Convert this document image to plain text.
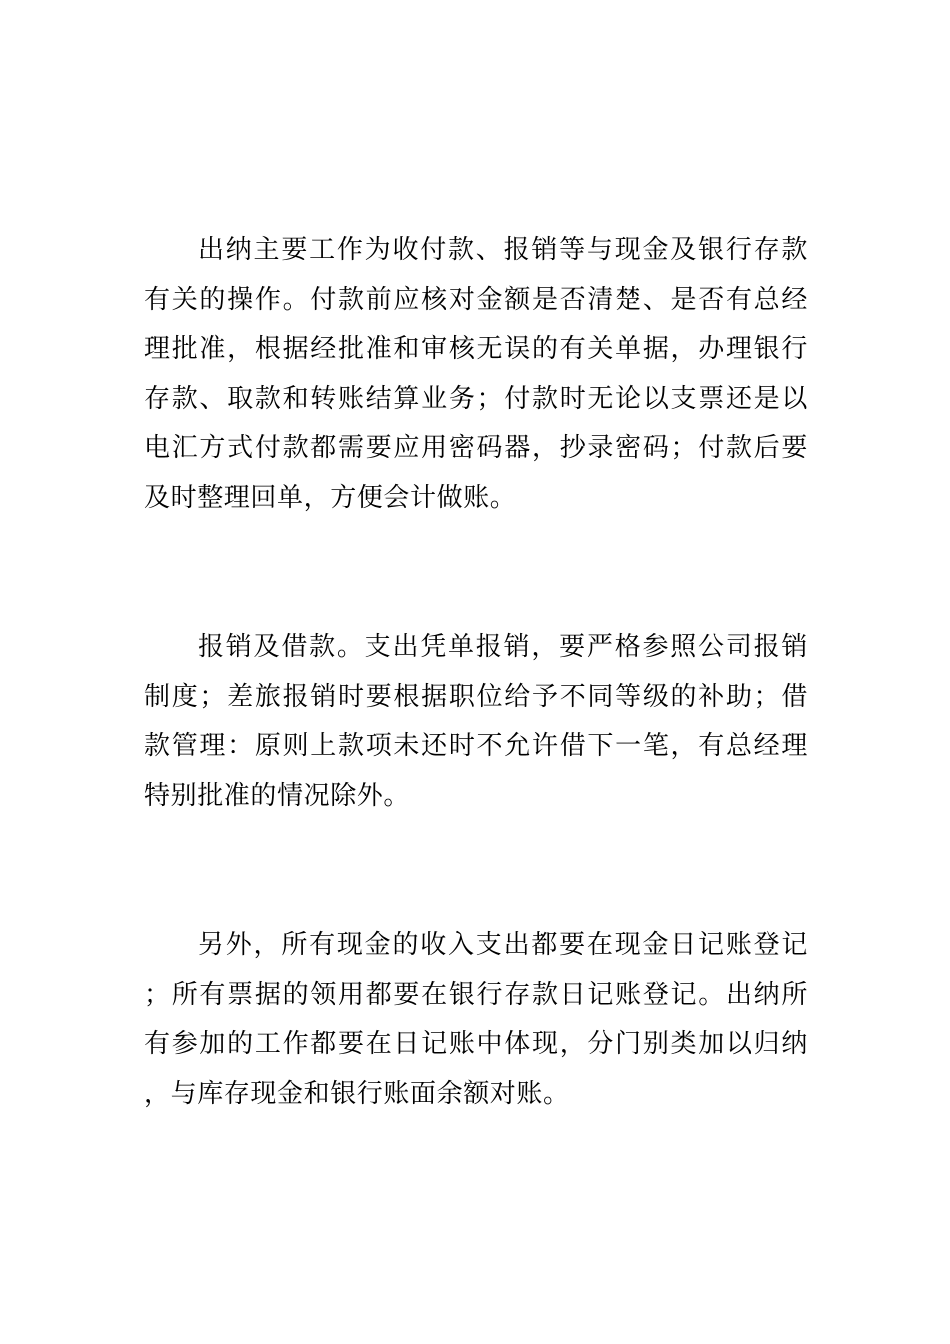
出纳主要工作为收付款、报销等与现金及银行存款有关的操作。付款前应核对金额是否清楚、是否有总经理批准，根据经批准和审核无误的有关单据，办理银行存款、取款和转账结算业务；付款时无论以支票还是以电汇方式付款都需要应用密码器，抄录密码；付款后要及时整理回单，方便会计做账。

报销及借款。支出凭单报销，要严格参照公司报销制度；差旅报销时要根据职位给予不同等级的补助；借款管理：原则上款项未还时不允许借下一笔，有总经理特别批准的情况除外。

另外，所有现金的收入支出都要在现金日记账登记；所有票据的领用都要在银行存款日记账登记。出纳所有参加的工作都要在日记账中体现，分门别类加以归纳，与库存现金和银行账面余额对账。
